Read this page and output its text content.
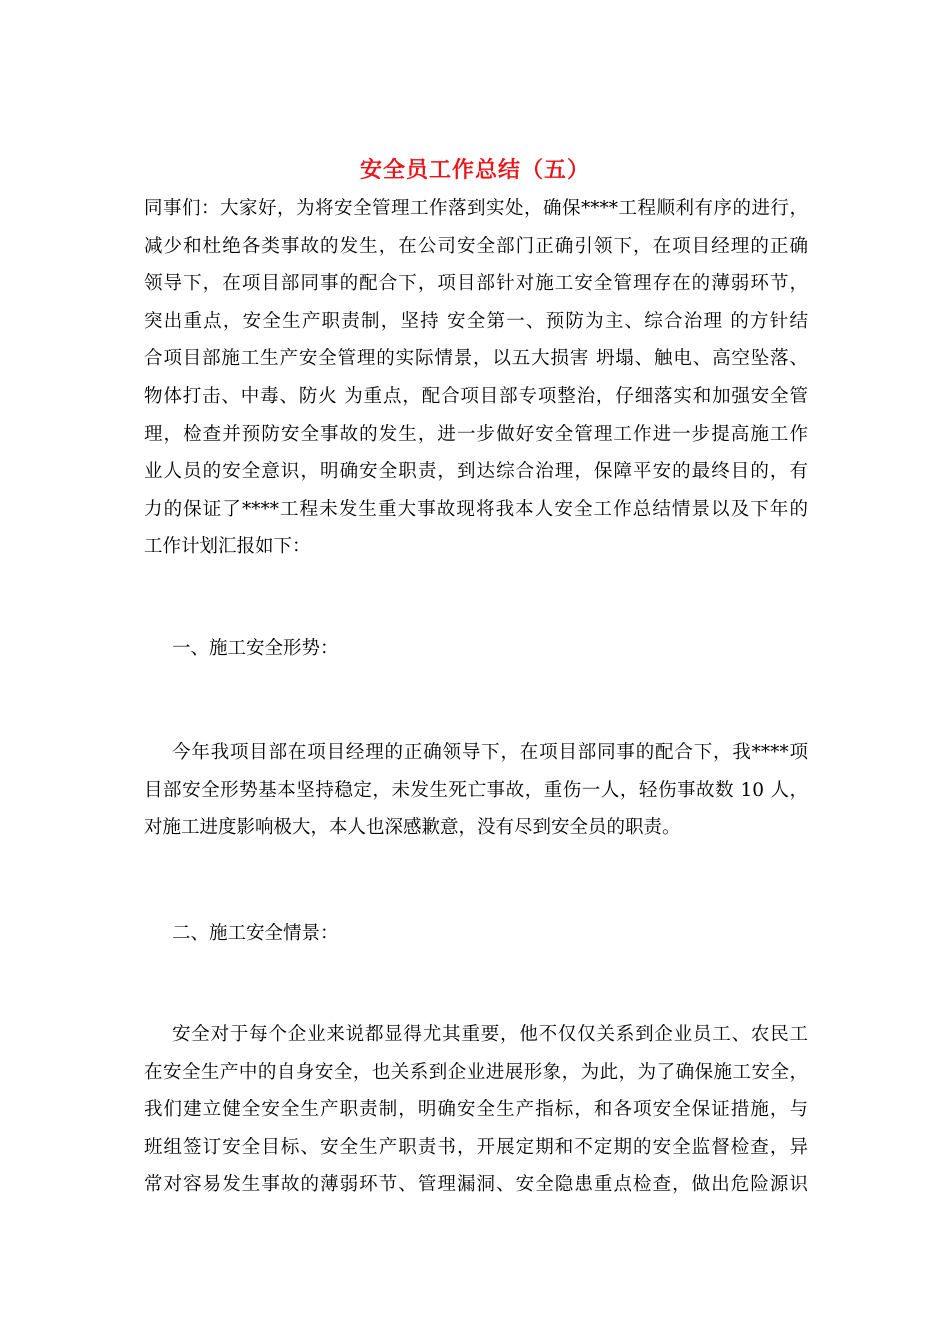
安全员工作总结（五）
同事们：大家好，为将安全管理工作落到实处，确保****工程顺利有序的进行，
减少和杜绝各类事故的发生，在公司安全部门正确引领下，在项目经理的正确
领导下，在项目部同事的配合下，项目部针对施工安全管理存在的薄弱环节，
突出重点，安全生产职责制，坚持 安全第一、预防为主、综合治理 的方针结
合项目部施工生产安全管理的实际情景，以五大损害 坍塌、触电、高空坠落、
物体打击、中毒、防火 为重点，配合项目部专项整治，仔细落实和加强安全管
理，检查并预防安全事故的发生，进一步做好安全管理工作进一步提高施工作
业人员的安全意识，明确安全职责，到达综合治理，保障平安的最终目的，有
力的保证了****工程未发生重大事故现将我本人安全工作总结情景以及下年的
工作计划汇报如下：
一、施工安全形势：
今年我项目部在项目经理的正确领导下，在项目部同事的配合下，我****项
目部安全形势基本坚持稳定，未发生死亡事故，重伤一人，轻伤事故数 10 人，
对施工进度影响极大，本人也深感歉意，没有尽到安全员的职责。
二、施工安全情景：
安全对于每个企业来说都显得尤其重要，他不仅仅关系到企业员工、农民工
在安全生产中的自身安全，也关系到企业进展形象，为此，为了确保施工安全，
我们建立健全安全生产职责制，明确安全生产指标，和各项安全保证措施，与
班组签订安全目标、安全生产职责书，开展定期和不定期的安全监督检查，异
常对容易发生事故的薄弱环节、管理漏洞、安全隐患重点检查，做出危险源识
